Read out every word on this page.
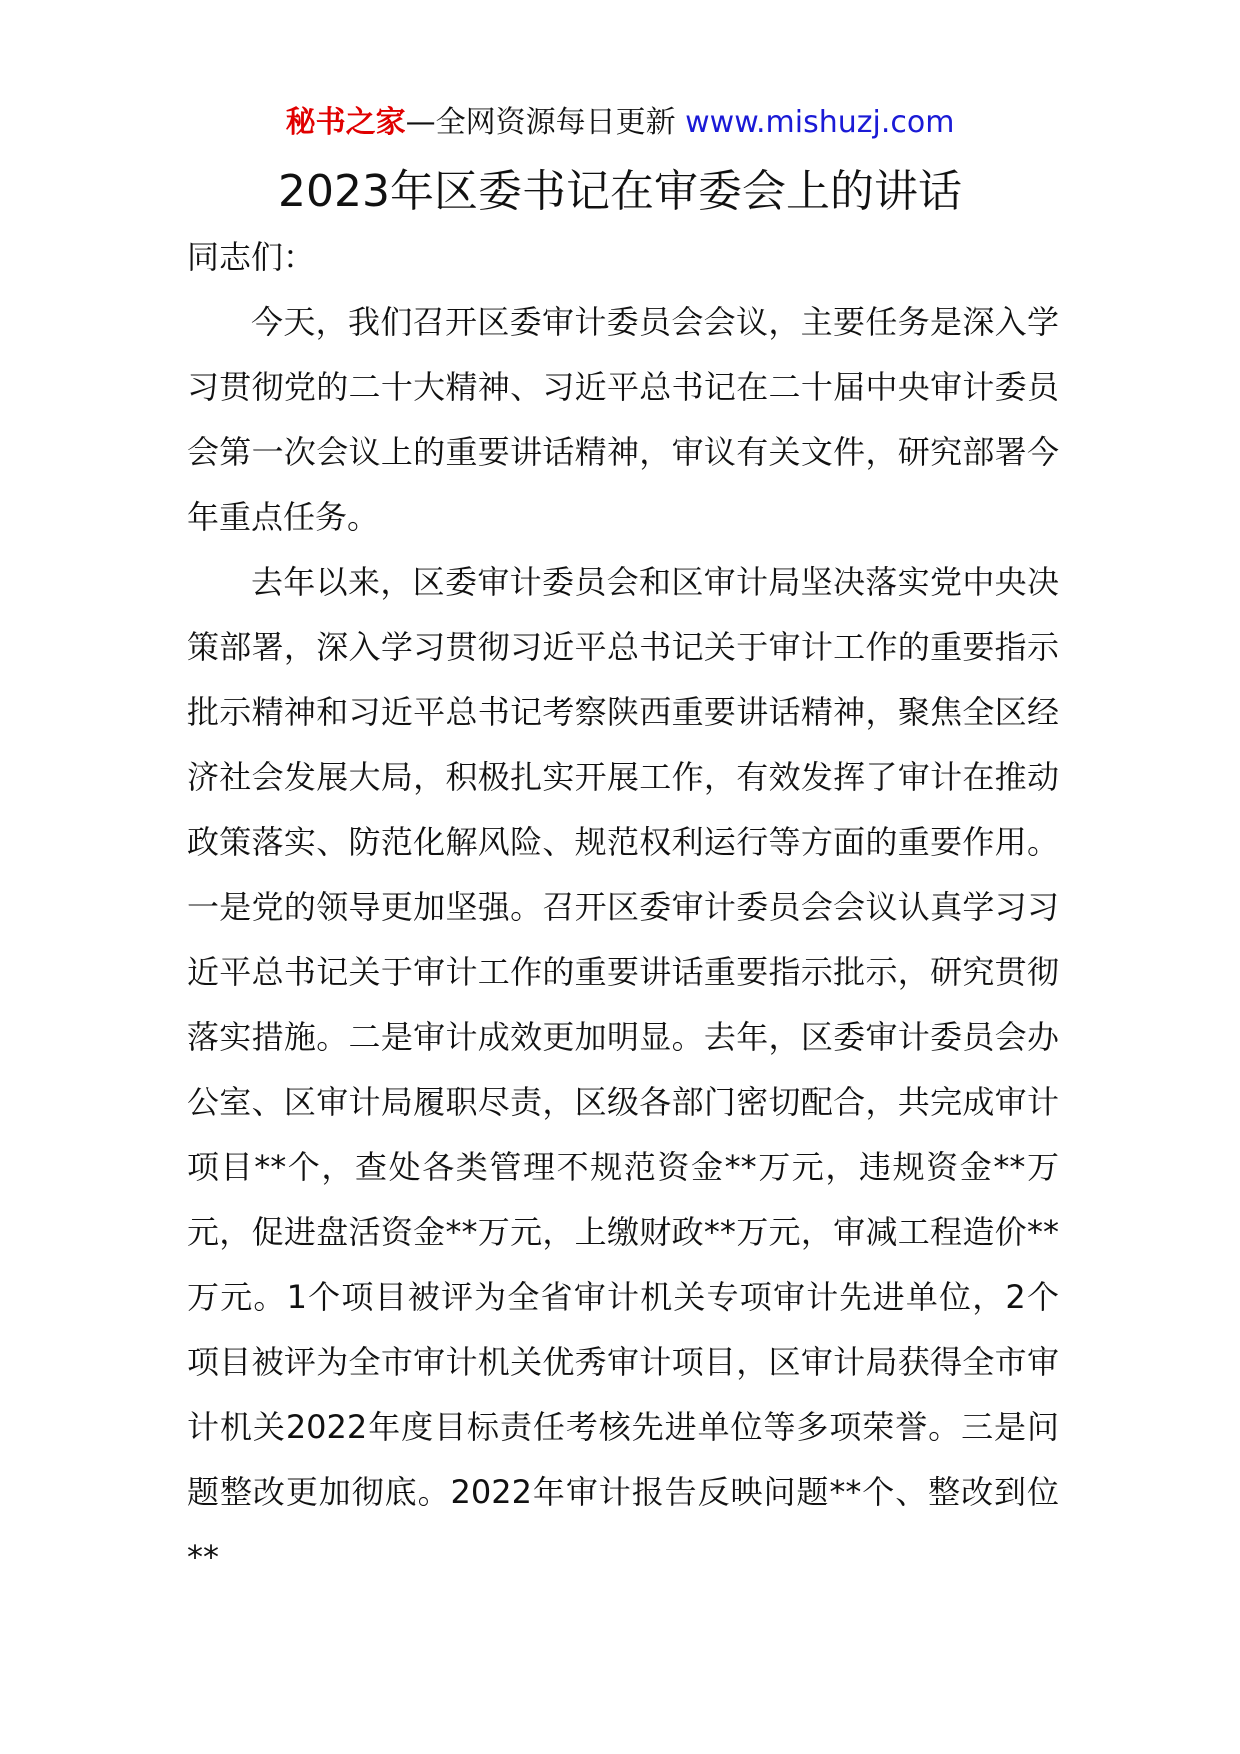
秘书之家—全网资源每日更新 www.mishuzj.com
2023年区委书记在审委会上的讲话

同志们：

今天，我们召开区委审计委员会会议，主要任务是深入学习贯彻党的二十大精神、习近平总书记在二十届中央审计委员会第一次会议上的重要讲话精神，审议有关文件，研究部署今年重点任务。

去年以来，区委审计委员会和区审计局坚决落实党中央决策部署，深入学习贯彻习近平总书记关于审计工作的重要指示批示精神和习近平总书记考察陕西重要讲话精神，聚焦全区经济社会发展大局，积极扎实开展工作，有效发挥了审计在推动政策落实、防范化解风险、规范权利运行等方面的重要作用。一是党的领导更加坚强。召开区委审计委员会会议认真学习习近平总书记关于审计工作的重要讲话重要指示批示，研究贯彻落实措施。二是审计成效更加明显。去年，区委审计委员会办公室、区审计局履职尽责，区级各部门密切配合，共完成审计项目**个，查处各类管理不规范资金**万元，违规资金**万元，促进盘活资金**万元，上缴财政**万元，审减工程造价**万元。1个项目被评为全省审计机关专项审计先进单位，2个项目被评为全市审计机关优秀审计项目，区审计局获得全市审计机关2022年度目标责任考核先进单位等多项荣誉。三是问题整改更加彻底。2022年审计报告反映问题**个、整改到位**
